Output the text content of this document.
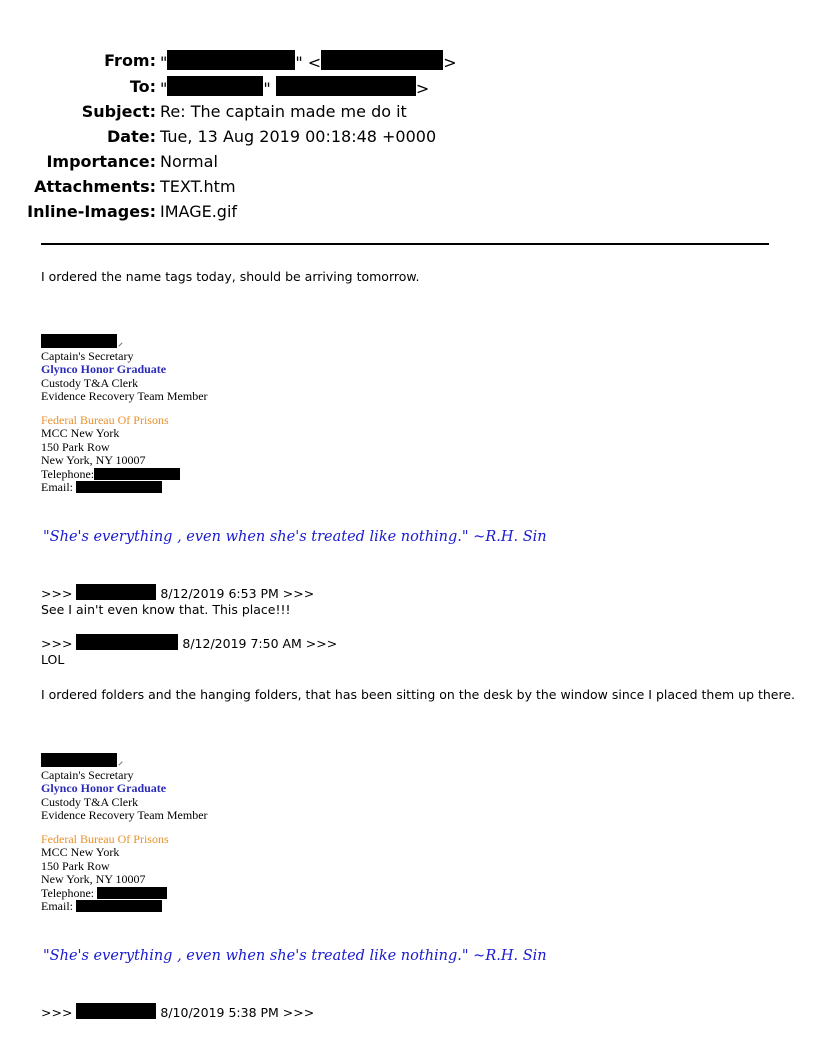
From: "	" <	>
To: "	"	>
Subject: Re: The captain made me do it
Date: Tue, 13 Aug 2019 00:18:48 +0000
Importance: Normal
Attachments: TEXT.htm
Inline-Images: IMAGE.gif
I ordered the name tags today, should be arriving tomorrow.
Captain's Secretary
Glynco Honor Graduate
Custody T&A Clerk
Evidence Recovery Team Member
Federal Bureau Of Prisons
MCC New York
150 Park Row
New York, NY 10007
Telephone:
Email:
"She's everything , even when she's treated like nothing." ~R.H. Sin
>>>	8/12/2019 6:53 PM >>>
See I ain't even know that. This place!!!
>>>	8/12/2019 7:50 AM >>>
LOL
I ordered folders and the hanging folders, that has been sitting on the desk by the window since I placed them up there.
Captain's Secretary
Glynco Honor Graduate
Custody T&A Clerk
Evidence Recovery Team Member
Federal Bureau Of Prisons
MCC New York
150 Park Row
New York, NY 10007
Telephone:
Email:
"She's everything , even when she's treated like nothing." ~R.H. Sin
>>>	8/10/2019 5:38 PM >>>
